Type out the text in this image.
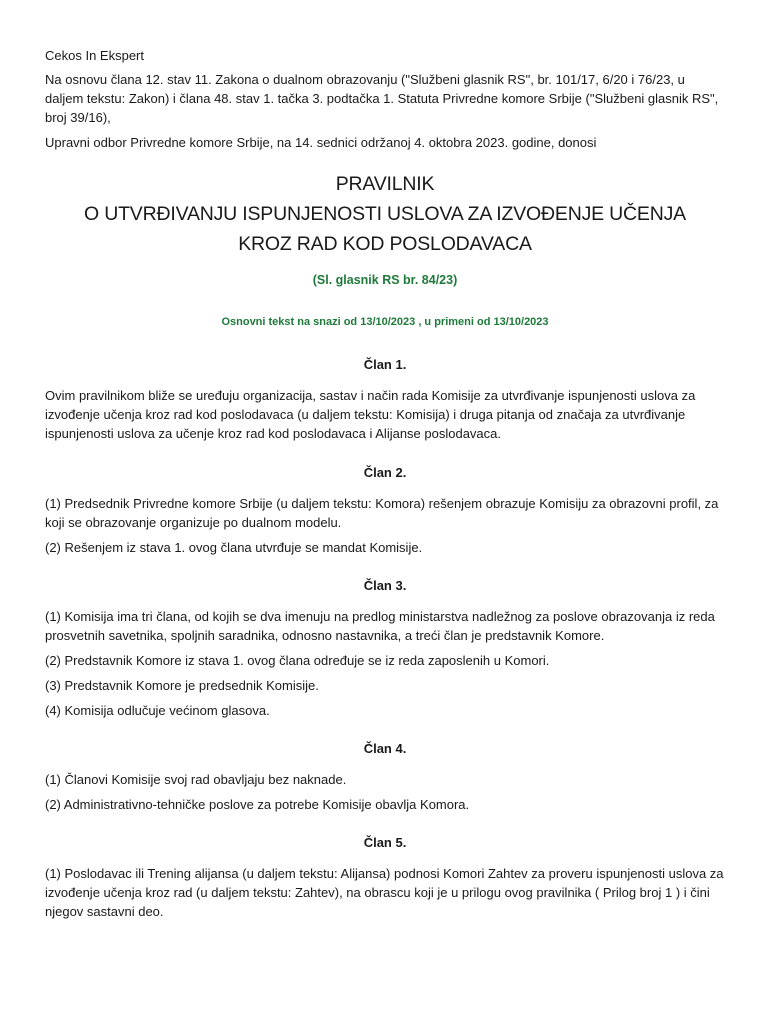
Cekos In Ekspert

Na osnovu člana 12. stav 11. Zakona o dualnom obrazovanju ("Službeni glasnik RS", br. 101/17, 6/20 i 76/23, u daljem tekstu: Zakon) i člana 48. stav 1. tačka 3. podtačka 1. Statuta Privredne komore Srbije ("Službeni glasnik RS", broj 39/16),

Upravni odbor Privredne komore Srbije, na 14. sednici održanoj 4. oktobra 2023. godine, donosi

PRAVILNIK

O UTVRĐIVANJU ISPUNJENOSTI USLOVA ZA IZVOĐENJE UČENJA

KROZ RAD KOD POSLODAVACA

(Sl. glasnik RS br. 84/23)

Osnovni tekst na snazi od 13/10/2023 , u primeni od 13/10/2023

Član 1.

Ovim pravilnikom bliže se uređuju organizacija, sastav i način rada Komisije za utvrđivanje ispunjenosti uslova za izvođenje učenja kroz rad kod poslodavaca (u daljem tekstu: Komisija) i druga pitanja od značaja za utvrđivanje ispunjenosti uslova za učenje kroz rad kod poslodavaca i Alijanse poslodavaca.

Član 2.

(1) Predsednik Privredne komore Srbije (u daljem tekstu: Komora) rešenjem obrazuje Komisiju za obrazovni profil, za koji se obrazovanje organizuje po dualnom modelu.

(2) Rešenjem iz stava 1. ovog člana utvrđuje se mandat Komisije.

Član 3.

(1) Komisija ima tri člana, od kojih se dva imenuju na predlog ministarstva nadležnog za poslove obrazovanja iz reda prosvetnih savetnika, spoljnih saradnika, odnosno nastavnika, a treći član je predstavnik Komore.

(2) Predstavnik Komore iz stava 1. ovog člana određuje se iz reda zaposlenih u Komori.

(3) Predstavnik Komore je predsednik Komisije.

(4) Komisija odlučuje većinom glasova.

Član 4.

(1) Članovi Komisije svoj rad obavljaju bez naknade.

(2) Administrativno-tehničke poslove za potrebe Komisije obavlja Komora.

Član 5.

(1) Poslodavac ili Trening alijansa (u daljem tekstu: Alijansa) podnosi Komori Zahtev za proveru ispunjenosti uslova za izvođenje učenja kroz rad (u daljem tekstu: Zahtev), na obrascu koji je u prilogu ovog pravilnika ( Prilog broj 1 ) i čini njegov sastavni deo.
